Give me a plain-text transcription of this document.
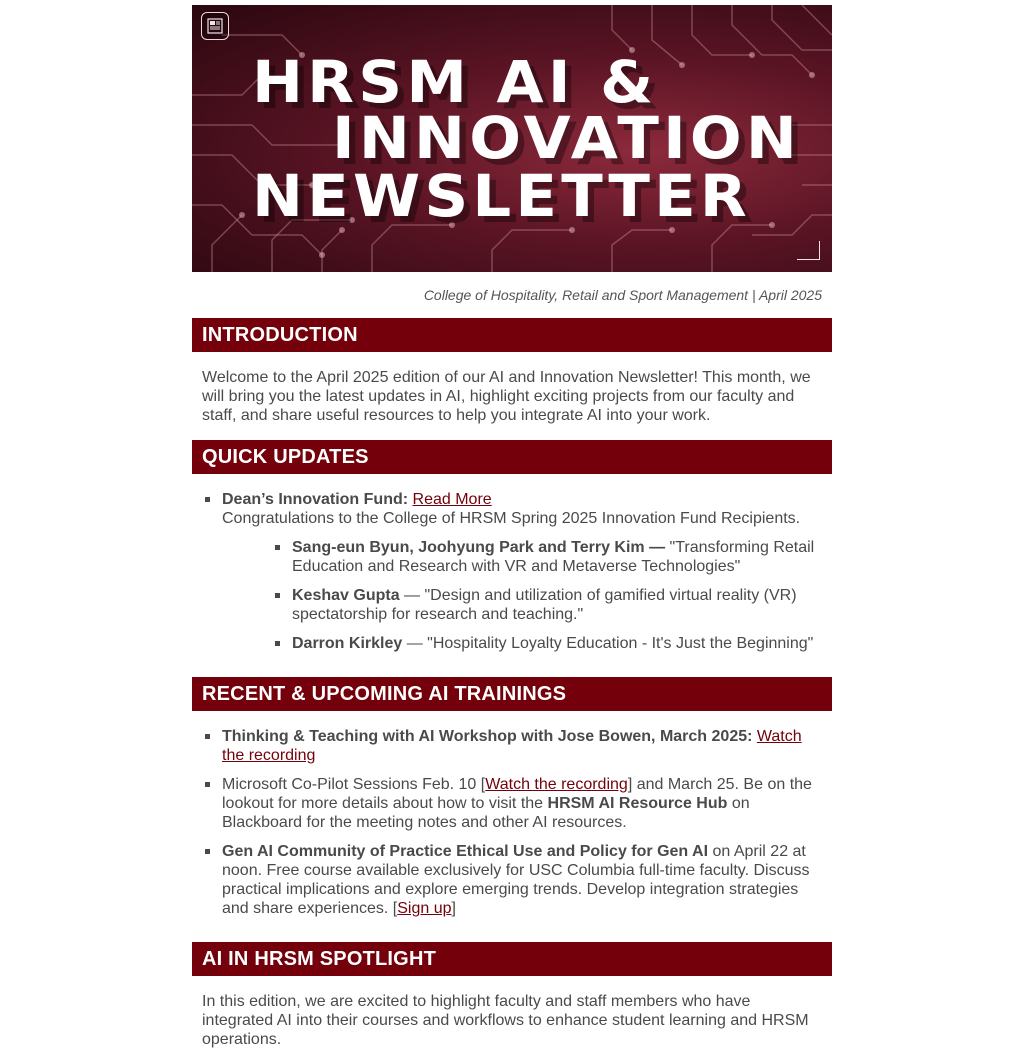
HRSM AI &
INNOVATION
NEWSLETTER
College of Hospitality, Retail and Sport Management | April 2025
INTRODUCTION
Welcome to the April 2025 edition of our AI and Innovation Newsletter! This month, we will bring you the latest updates in AI, highlight exciting projects from our faculty and staff, and share useful resources to help you integrate AI into your work.
QUICK UPDATES
Dean’s Innovation Fund: Read More
Congratulations to the College of HRSM Spring 2025 Innovation Fund Recipients.
Sang-eun Byun, Joohyung Park and Terry Kim — "Transforming Retail Education and Research with VR and Metaverse Technologies"
Keshav Gupta — "Design and utilization of gamified virtual reality (VR) spectatorship for research and teaching."
Darron Kirkley — "Hospitality Loyalty Education - It's Just the Beginning"
RECENT & UPCOMING AI TRAININGS
Thinking & Teaching with AI Workshop with Jose Bowen, March 2025: Watch the recording
Microsoft Co-Pilot Sessions Feb. 10 [Watch the recording] and March 25. Be on the lookout for more details about how to visit the HRSM AI Resource Hub on Blackboard for the meeting notes and other AI resources.
Gen AI Community of Practice Ethical Use and Policy for Gen AI on April 22 at noon. Free course available exclusively for USC Columbia full-time faculty. Discuss practical implications and explore emerging trends. Develop integration strategies and share experiences. [Sign up]
AI IN HRSM SPOTLIGHT
In this edition, we are excited to highlight faculty and staff members who have integrated AI into their courses and workflows to enhance student learning and HRSM operations.
